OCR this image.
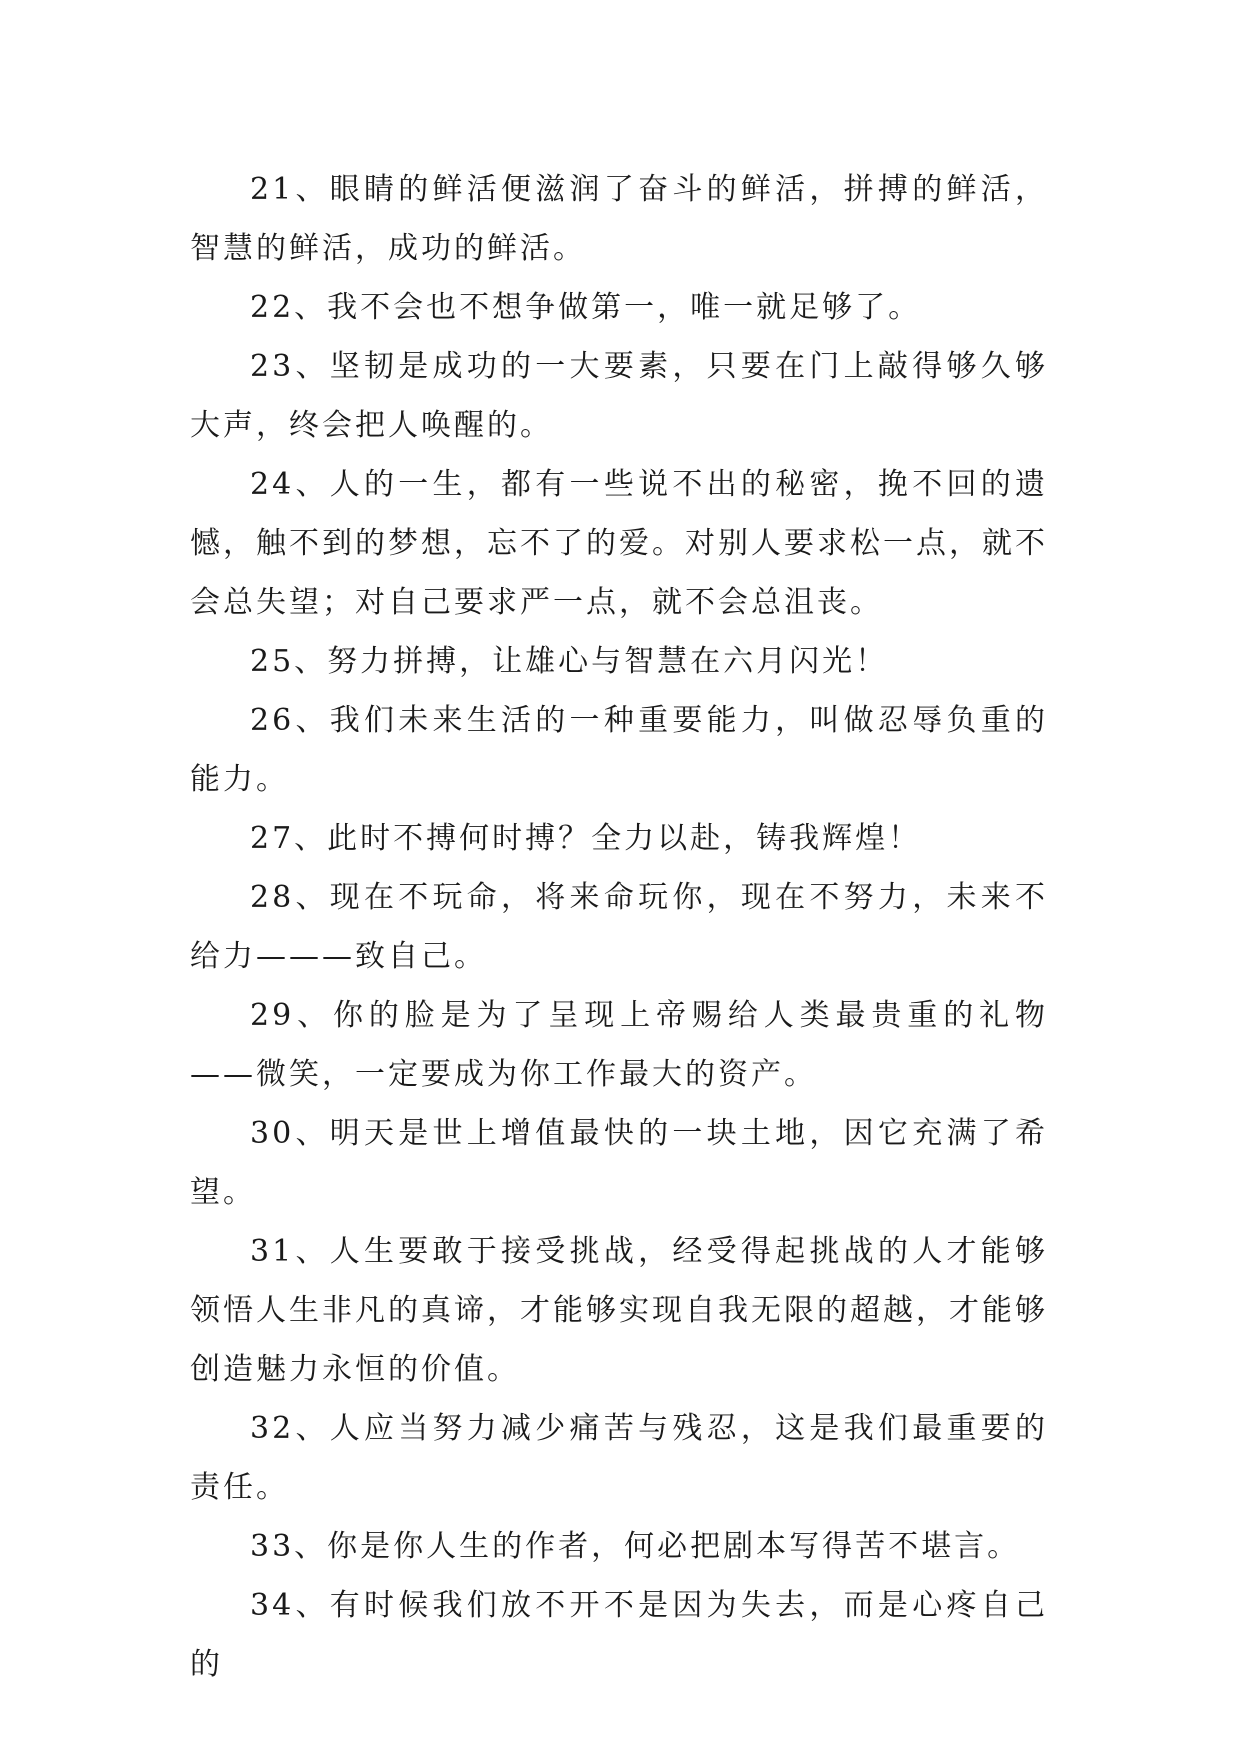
21、眼睛的鲜活便滋润了奋斗的鲜活，拼搏的鲜活，智慧的鲜活，成功的鲜活。

22、我不会也不想争做第一，唯一就足够了。

23、坚韧是成功的一大要素，只要在门上敲得够久够大声，终会把人唤醒的。

24、人的一生，都有一些说不出的秘密，挽不回的遗憾，触不到的梦想，忘不了的爱。对别人要求松一点，就不会总失望；对自己要求严一点，就不会总沮丧。

25、努力拼搏，让雄心与智慧在六月闪光！

26、我们未来生活的一种重要能力，叫做忍辱负重的能力。

27、此时不搏何时搏？全力以赴，铸我辉煌！

28、现在不玩命，将来命玩你，现在不努力，未来不给力———致自己。

29、你的脸是为了呈现上帝赐给人类最贵重的礼物——微笑，一定要成为你工作最大的资产。

30、明天是世上增值最快的一块土地，因它充满了希望。

31、人生要敢于接受挑战，经受得起挑战的人才能够领悟人生非凡的真谛，才能够实现自我无限的超越，才能够创造魅力永恒的价值。

32、人应当努力减少痛苦与残忍，这是我们最重要的责任。

33、你是你人生的作者，何必把剧本写得苦不堪言。

34、有时候我们放不开不是因为失去，而是心疼自己的
